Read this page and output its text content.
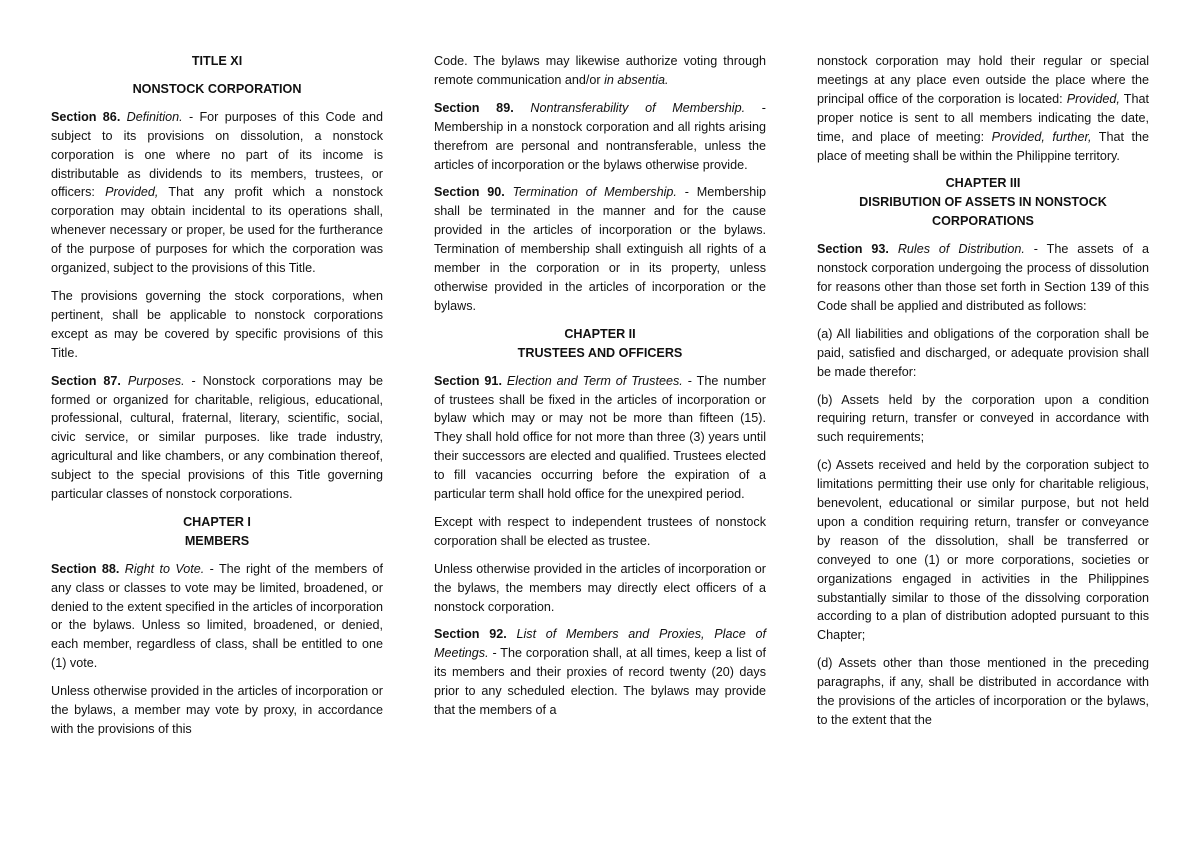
TITLE XI
NONSTOCK CORPORATION

Section 86. Definition. - For purposes of this Code and subject to its provisions on dissolution, a nonstock corporation is one where no part of its income is distributable as dividends to its members, trustees, or officers: Provided, That any profit which a nonstock corporation may obtain incidental to its operations shall, whenever necessary or proper, be used for the furtherance of the purpose of purposes for which the corporation was organized, subject to the provisions of this Title.

The provisions governing the stock corporations, when pertinent, shall be applicable to nonstock corporations except as may be covered by specific provisions of this Title.

Section 87. Purposes. - Nonstock corporations may be formed or organized for charitable, religious, educational, professional, cultural, fraternal, literary, scientific, social, civic service, or similar purposes. like trade industry, agricultural and like chambers, or any combination thereof, subject to the special provisions of this Title governing particular classes of nonstock corporations.

CHAPTER I
MEMBERS

Section 88. Right to Vote. - The right of the members of any class or classes to vote may be limited, broadened, or denied to the extent specified in the articles of incorporation or the bylaws. Unless so limited, broadened, or denied, each member, regardless of class, shall be entitled to one (1) vote.

Unless otherwise provided in the articles of incorporation or the bylaws, a member may vote by proxy, in accordance with the provisions of this

Code. The bylaws may likewise authorize voting through remote communication and/or in absentia.

Section 89. Nontransferability of Membership. - Membership in a nonstock corporation and all rights arising therefrom are personal and nontransferable, unless the articles of incorporation or the bylaws otherwise provide.

Section 90. Termination of Membership. - Membership shall be terminated in the manner and for the cause provided in the articles of incorporation or the bylaws. Termination of membership shall extinguish all rights of a member in the corporation or in its property, unless otherwise provided in the articles of incorporation or the bylaws.

CHAPTER II
TRUSTEES AND OFFICERS

Section 91. Election and Term of Trustees. - The number of trustees shall be fixed in the articles of incorporation or bylaw which may or may not be more than fifteen (15). They shall hold office for not more than three (3) years until their successors are elected and qualified. Trustees elected to fill vacancies occurring before the expiration of a particular term shall hold office for the unexpired period.

Except with respect to independent trustees of nonstock corporation shall be elected as trustee.

Unless otherwise provided in the articles of incorporation or the bylaws, the members may directly elect officers of a nonstock corporation.

Section 92. List of Members and Proxies, Place of Meetings. - The corporation shall, at all times, keep a list of its members and their proxies of record twenty (20) days prior to any scheduled election. The bylaws may provide that the members of a

nonstock corporation may hold their regular or special meetings at any place even outside the place where the principal office of the corporation is located: Provided, That proper notice is sent to all members indicating the date, time, and place of meeting: Provided, further, That the place of meeting shall be within the Philippine territory.

CHAPTER III
DISRIBUTION OF ASSETS IN NONSTOCK
CORPORATIONS

Section 93. Rules of Distribution. - The assets of a nonstock corporation undergoing the process of dissolution for reasons other than those set forth in Section 139 of this Code shall be applied and distributed as follows:

(a) All liabilities and obligations of the corporation shall be paid, satisfied and discharged, or adequate provision shall be made therefor:

(b) Assets held by the corporation upon a condition requiring return, transfer or conveyed in accordance with such requirements;

(c) Assets received and held by the corporation subject to limitations permitting their use only for charitable religious, benevolent, educational or similar purpose, but not held upon a condition requiring return, transfer or conveyance by reason of the dissolution, shall be transferred or conveyed to one (1) or more corporations, societies or organizations engaged in activities in the Philippines substantially similar to those of the dissolving corporation according to a plan of distribution adopted pursuant to this Chapter;

(d) Assets other than those mentioned in the preceding paragraphs, if any, shall be distributed in accordance with the provisions of the articles of incorporation or the bylaws, to the extent that the
